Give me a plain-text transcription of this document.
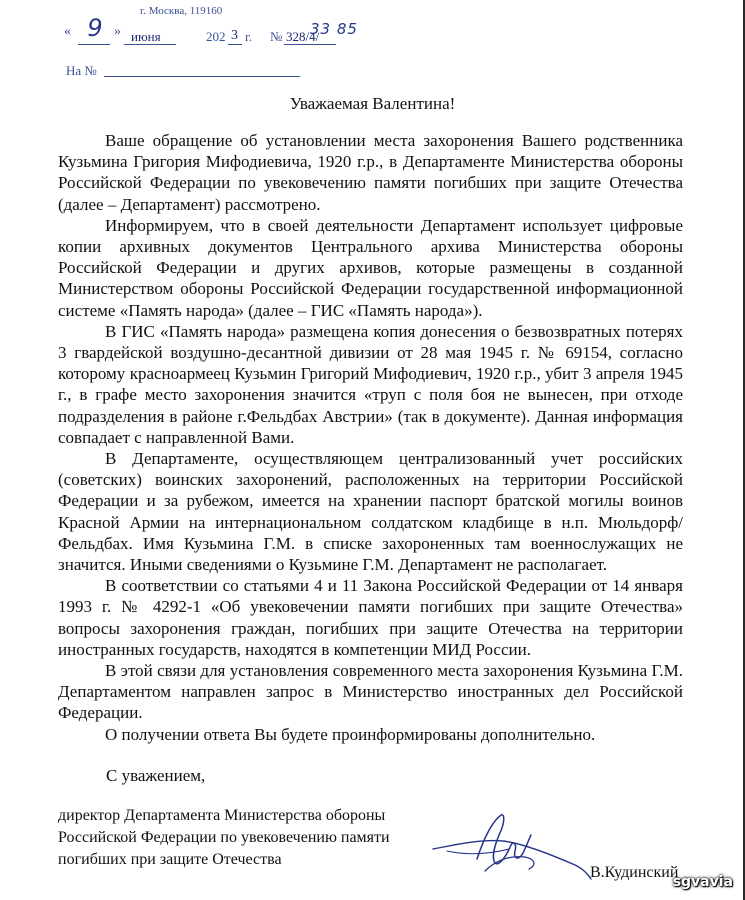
г. Москва, 119160
« 9 » июня	202 3 г. № 328/4/
33 85
На №
Уважаемая Валентина!

Ваше обращение об установлении места захоронения Вашего родственника Кузьмина Григория Мифодиевича, 1920 г.р., в Департаменте Министерства обороны Российской Федерации по увековечению памяти погибших при защите Отечества (далее – Департамент) рассмотрено.

Информируем, что в своей деятельности Департамент использует цифровые копии архивных документов Центрального архива Министерства обороны Российской Федерации и других архивов, которые размещены в созданной Министерством обороны Российской Федерации государственной информационной системе «Память народа» (далее – ГИС «Память народа»).

В ГИС «Память народа» размещена копия донесения о безвозвратных потерях 3 гвардейской воздушно-десантной дивизии от 28 мая 1945 г. № 69154, согласно которому красноармеец Кузьмин Григорий Мифодиевич, 1920 г.р., убит 3 апреля 1945 г., в графе место захоронения значится «труп с поля боя не вынесен, при отходе подразделения в районе г.Фельдбах Австрии» (так в документе). Данная информация совпадает с направленной Вами.

В Департаменте, осуществляющем централизованный учет российских (советских) воинских захоронений, расположенных на территории Российской Федерации и за рубежом, имеется на хранении паспорт братской могилы воинов Красной Армии на интернациональном солдатском кладбище в н.п. Мюльдорф/Фельдбах. Имя Кузьмина Г.М. в списке захороненных там военнослужащих не значится. Иными сведениями о Кузьмине Г.М. Департамент не располагает.

В соответствии со статьями 4 и 11 Закона Российской Федерации от 14 января 1993 г. № 4292-1 «Об увековечении памяти погибших при защите Отечества» вопросы захоронения граждан, погибших при защите Отечества на территории иностранных государств, находятся в компетенции МИД России.

В этой связи для установления современного места захоронения Кузьмина Г.М. Департаментом направлен запрос в Министерство иностранных дел Российской Федерации.

О получении ответа Вы будете проинформированы дополнительно.

С уважением,
директор Департамента Министерства обороны
Российской Федерации по увековечению памяти
погибших при защите Отечества
В.Кудинский
sgvavia
